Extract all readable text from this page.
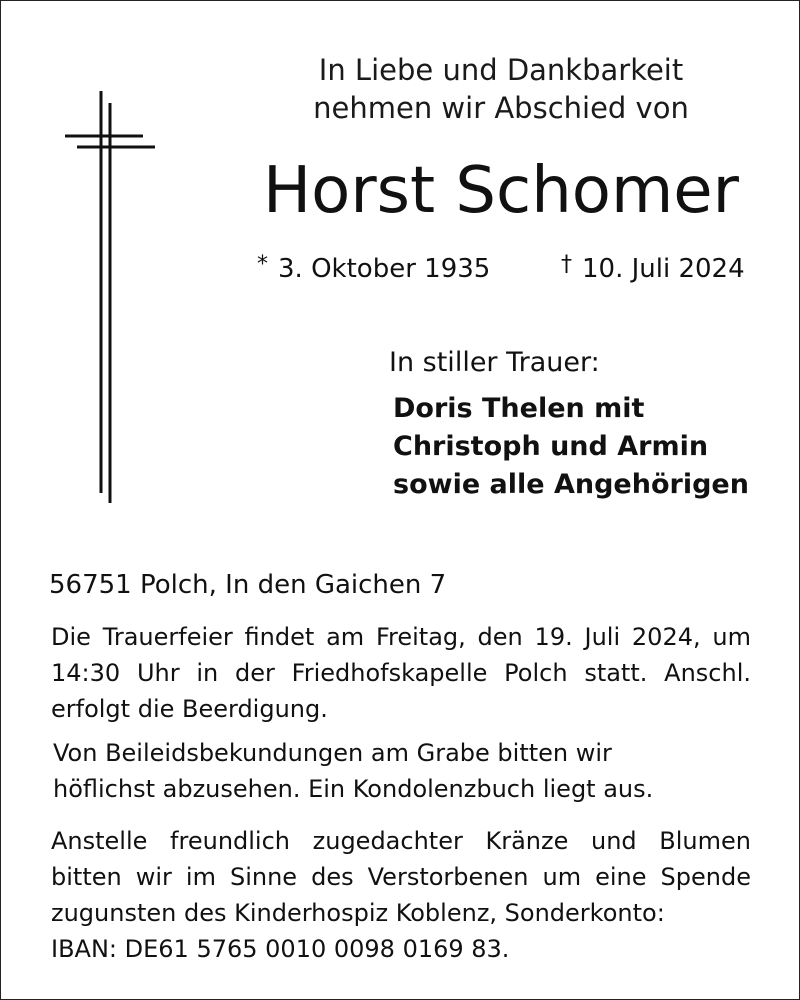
In Liebe und Dankbarkeit
nehmen wir Abschied von
Horst Schomer
* 3. Oktober 1935	† 10. Juli 2024
In stiller Trauer:
Doris Thelen mit
Christoph und Armin
sowie alle Angehörigen
56751 Polch, In den Gaichen 7
Die Trauerfeier findet am Freitag, den 19. Juli 2024, um
14:30 Uhr in der Friedhofskapelle Polch statt. Anschl.
erfolgt die Beerdigung.
Von Beileidsbekundungen am Grabe bitten wir
höflichst abzusehen. Ein Kondolenzbuch liegt aus.
Anstelle freundlich zugedachter Kränze und Blumen
bitten wir im Sinne des Verstorbenen um eine Spende
zugunsten des Kinderhospiz Koblenz, Sonderkonto:
IBAN: DE61 5765 0010 0098 0169 83.
